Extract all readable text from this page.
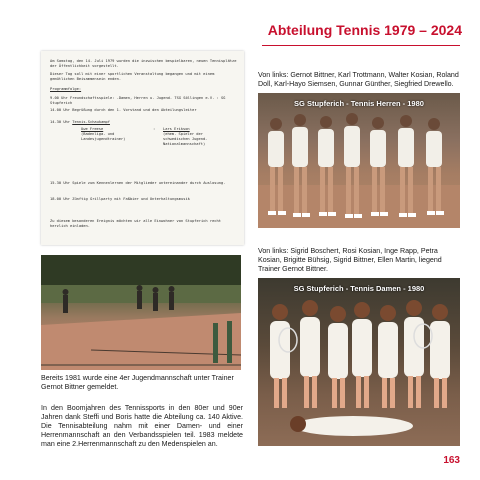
Abteilung Tennis 1979 – 2024
Am Samstag, den 14. Juli 1979 wurden die inzwischen bespielbaren, neuen Tennisplätze der Öffentlichkeit vorgestellt.
Dieser Tag soll mit einer sportlichen Veranstaltung begangen und mit einem gemütlichen Beisammensein enden.
Programmfolge:
9.00 Uhr Freundschaftsspiele: -Damen, Herren u. Jugend- TSG Söllingen e.V. : SG Stupferich
14.00 Uhr Begrüßung durch den 1. Vorstand und den Abteilungsleiter
14.30 Uhr Tennis-Schaukampf
Uwe Freese
(Badenliga- und
Landesjugendtrainer)
: Lars Erikson
(ehem. Spieler der
schwedischen Jugend-
Nationalmannschaft)
15.30 Uhr Spiele zum Kennenlernen der Mitglieder untereinander durch Auslosung.
18.00 Uhr Zünftig Grillparty mit Faßbier und Unterhaltungsmusik
Zu diesem besonderen Ereignis möchten wir alle Einwohner von Stupferich recht herzlich einladen.
Von links: Gernot Bittner, Karl Trottmann, Walter Kosian, Roland Doll, Karl-Hayo Siemsen, Gunnar Günther, Siegfried Drewello.
SG Stupferich - Tennis Herren - 1980
Von links: Sigrid Boschert, Rosi Kosian, Inge Rapp, Petra Kosian, Brigitte Bühsig, Sigrid Bittner, Ellen Martin, liegend Trainer Gernot Bittner.
SG Stupferich - Tennis Damen - 1980
Bereits 1981 wurde eine 4er Jugendmannschaft unter Trainer Gernot Bittner gemeldet.
In den Boomjahren des Tennissports in den 80er und 90er Jahren dank Steffi und Boris hatte die Abteilung ca. 140 Aktive. Die Tennisabteilung nahm mit einer Damen- und einer Herrenmannschaft an den Verbandsspielen teil. 1983 meldete man eine 2.Herrenmannschaft zu den Medenspielen an.
163
